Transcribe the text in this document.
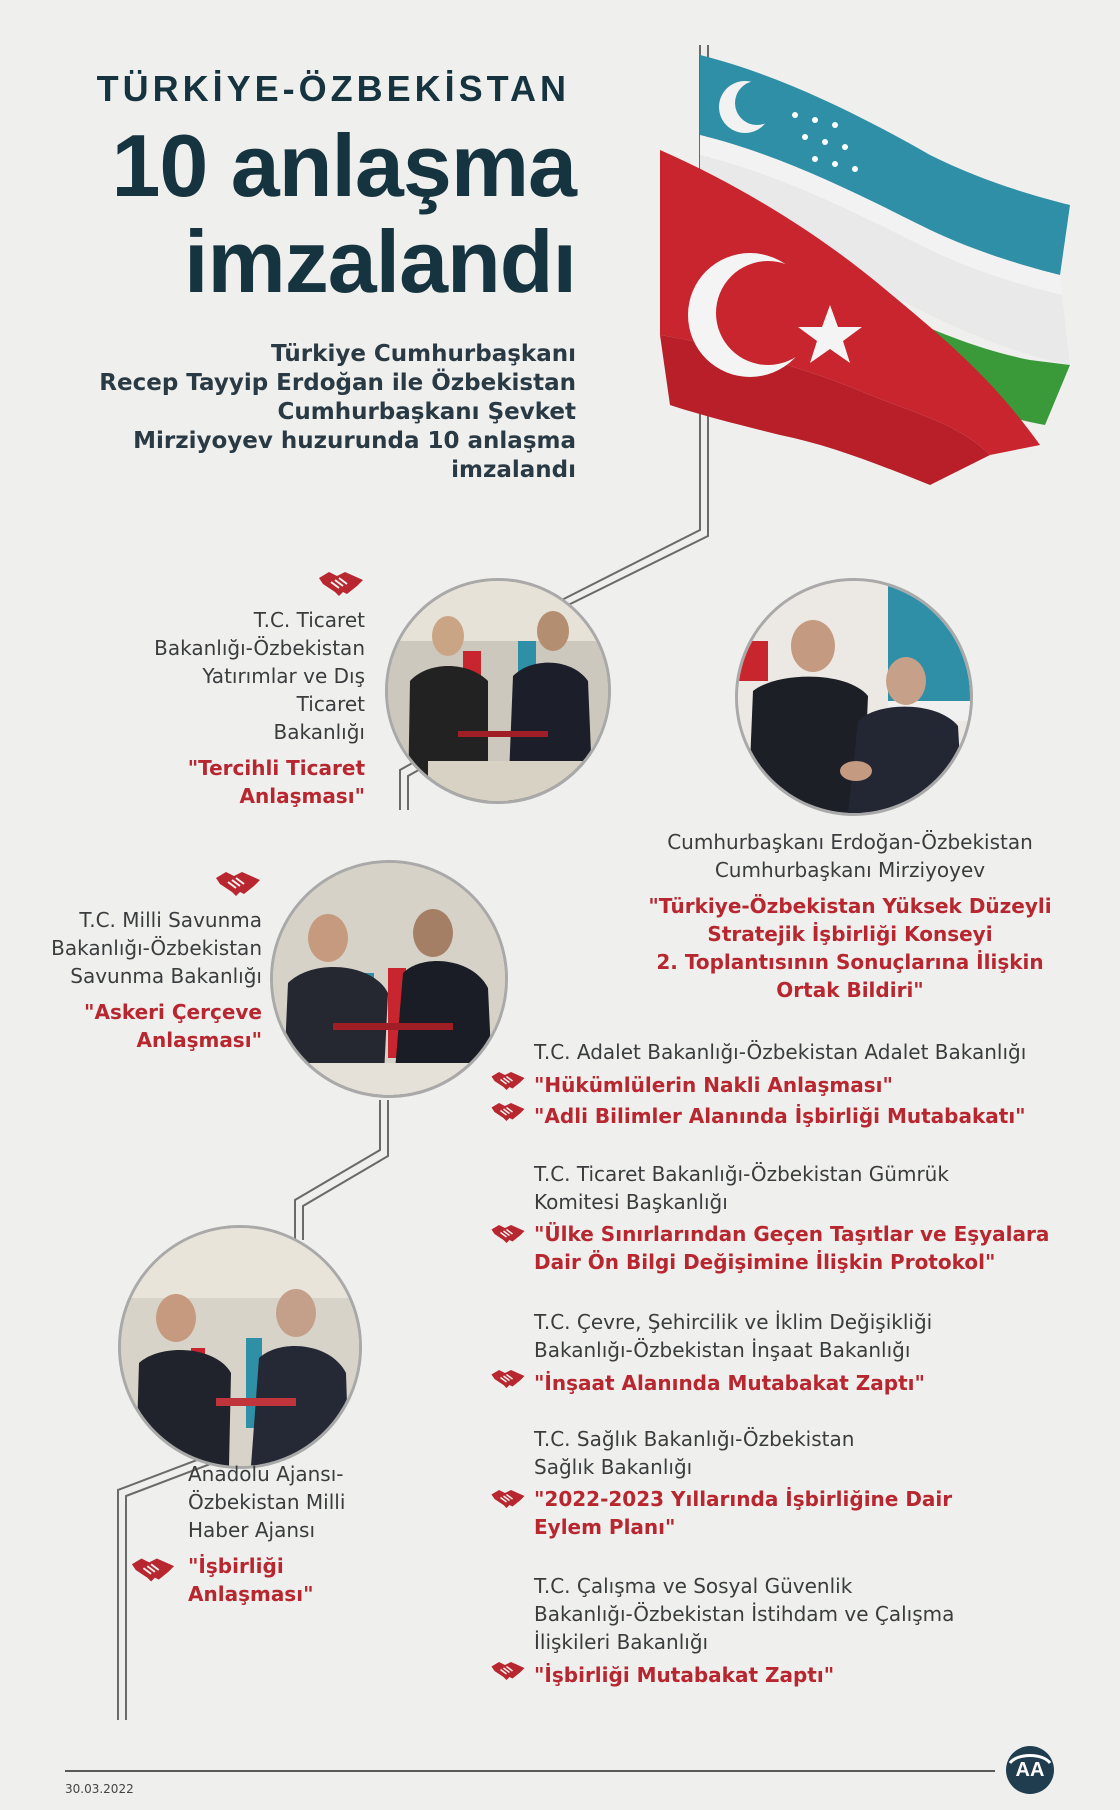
TÜRKİYE-ÖZBEKİSTAN
10 anlaşma
imzalandı
Türkiye Cumhurbaşkanı
Recep Tayyip Erdoğan ile Özbekistan
Cumhurbaşkanı Şevket
Mirziyoyev huzurunda 10 anlaşma
imzalandı
T.C. Ticaret
Bakanlığı-Özbekistan
Yatırımlar ve Dış Ticaret
Bakanlığı
"Tercihli Ticaret
Anlaşması"
Cumhurbaşkanı Erdoğan-Özbekistan
Cumhurbaşkanı Mirziyoyev
"Türkiye-Özbekistan Yüksek Düzeyli
Stratejik İşbirliği Konseyi
2. Toplantısının Sonuçlarına İlişkin
Ortak Bildiri"
T.C. Milli Savunma
Bakanlığı-Özbekistan
Savunma Bakanlığı
"Askeri Çerçeve
Anlaşması"	T.C. Adalet Bakanlığı-Özbekistan Adalet Bakanlığı
"Hükümlülerin Nakli Anlaşması"
"Adli Bilimler Alanında İşbirliği Mutabakatı"
T.C. Ticaret Bakanlığı-Özbekistan Gümrük
Komitesi Başkanlığı
"Ülke Sınırlarından Geçen Taşıtlar ve Eşyalara
Dair Ön Bilgi Değişimine İlişkin Protokol"
T.C. Çevre, Şehircilik ve İklim Değişikliği
Bakanlığı-Özbekistan İnşaat Bakanlığı
"İnşaat Alanında Mutabakat Zaptı"
T.C. Sağlık Bakanlığı-Özbekistan
Sağlık Bakanlığı
"2022-2023 Yıllarında İşbirliğine Dair
Eylem Planı"
T.C. Çalışma ve Sosyal Güvenlik
Bakanlığı-Özbekistan İstihdam ve Çalışma
İlişkileri Bakanlığı
"İşbirliği Mutabakat Zaptı"
Anadolu Ajansı-
Özbekistan Milli
Haber Ajansı
"İşbirliği
Anlaşması"
30.03.2022
AA
